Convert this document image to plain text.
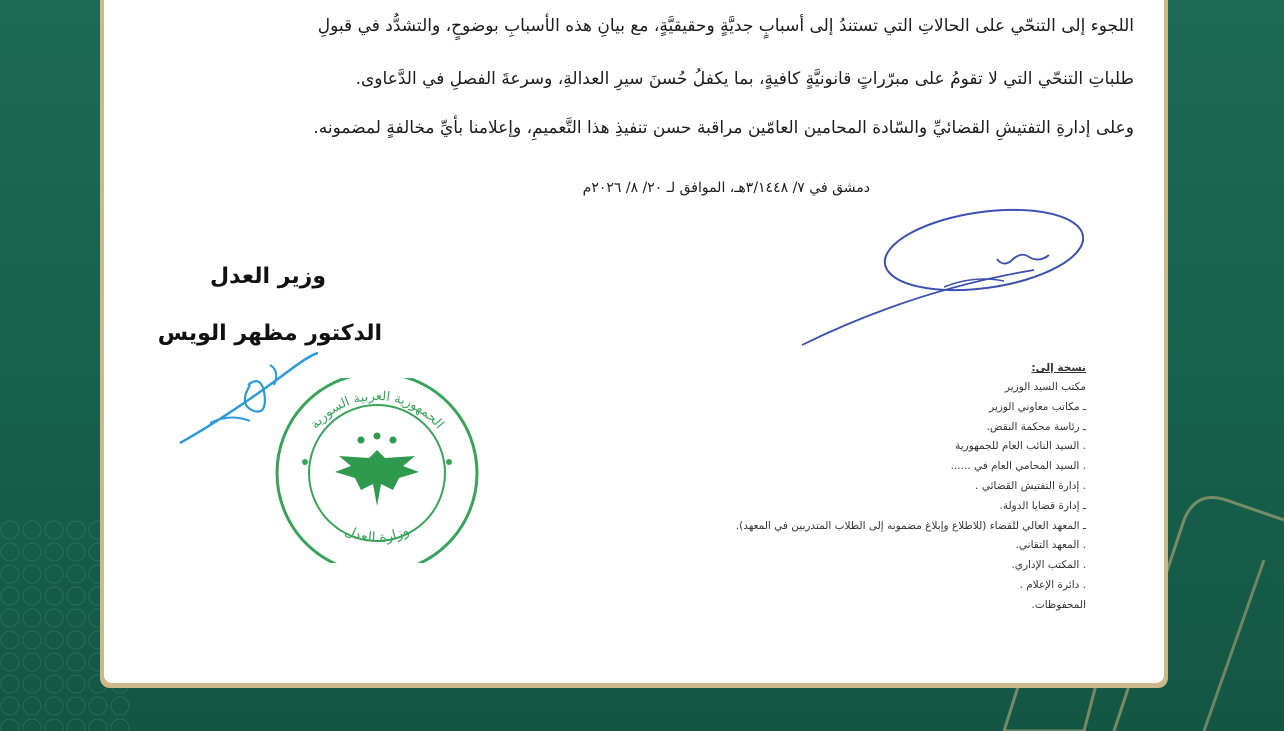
اللجوء إلى التنحّي على الحالاتِ التي تستندُ إلى أسبابٍ جديَّةٍ وحقيقيَّةٍ، مع بيانِ هذه الأسبابِ بوضوحٍ، والتشدُّد في قبولِ
طلباتِ التنحّي التي لا تقومُ على مبرّراتٍ قانونيَّةٍ كافيةٍ، بما يكفلُ حُسنَ سيرِ العدالةِ، وسرعةَ الفصلِ في الدَّعاوى.
وعلى إدارةِ التفتيشِ القضائيِّ والسّادة المحامين العامّين مراقبة حسن تنفيذِ هذا التَّعميمِ، وإعلامنا بأيِّ مخالفةٍ لمضمونه.
دمشق في ٧/ ٣/١٤٤٨هـ، الموافق لـ ٢٠/ ٨/ ٢٠٢٦م
وزير العدل
الدكتور مظهر الويس
الجمهورية العربية السورية
وزارة العدل
نسخة إلى:
مكتب السيد الوزير
ـ مكاتب معاوني الوزير
ـ رئاسة محكمة النقض.
. السيد النائب العام للجمهورية
. السيد المحامي العام في ......
. إدارة التفتيش القضائي .
ـ إدارة قضايا الدولة.
ـ المعهد العالي للقضاء (للاطلاع وإبلاغ مضمونه إلى الطلاب المتدربين في المعهد).
. المعهد التقاني.
. المكتب الإداري.
. دائرة الإعلام .
المحفوظات.
